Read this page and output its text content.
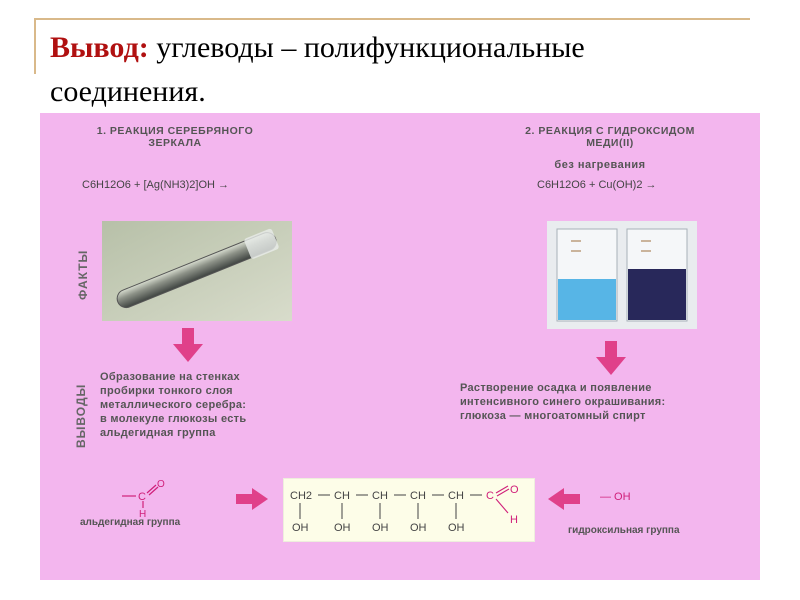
Вывод: углеводы – полифункциональные
соединения.
1. РЕАКЦИЯ СЕРЕБРЯНОГО
ЗЕРКАЛА
C6H12O6 + [Ag(NH3)2]OH →
2. РЕАКЦИЯ С ГИДРОКСИДОМ
МЕДИ(II)
без нагревания
C6H12O6 + Cu(OH)2 →
ФАКТЫ
ВЫВОДЫ
Образование на стенках
пробирки тонкого слоя
металлического серебра:
в молекуле глюкозы есть
альдегидная группа
Растворение осадка и появление
интенсивного синего окрашивания:
глюкоза — многоатомный спирт
C
O
H
альдегидная группа
CH2 CH CH CH CH C
OH OH OH OH OH
H
O
— OH
гидроксильная группа
